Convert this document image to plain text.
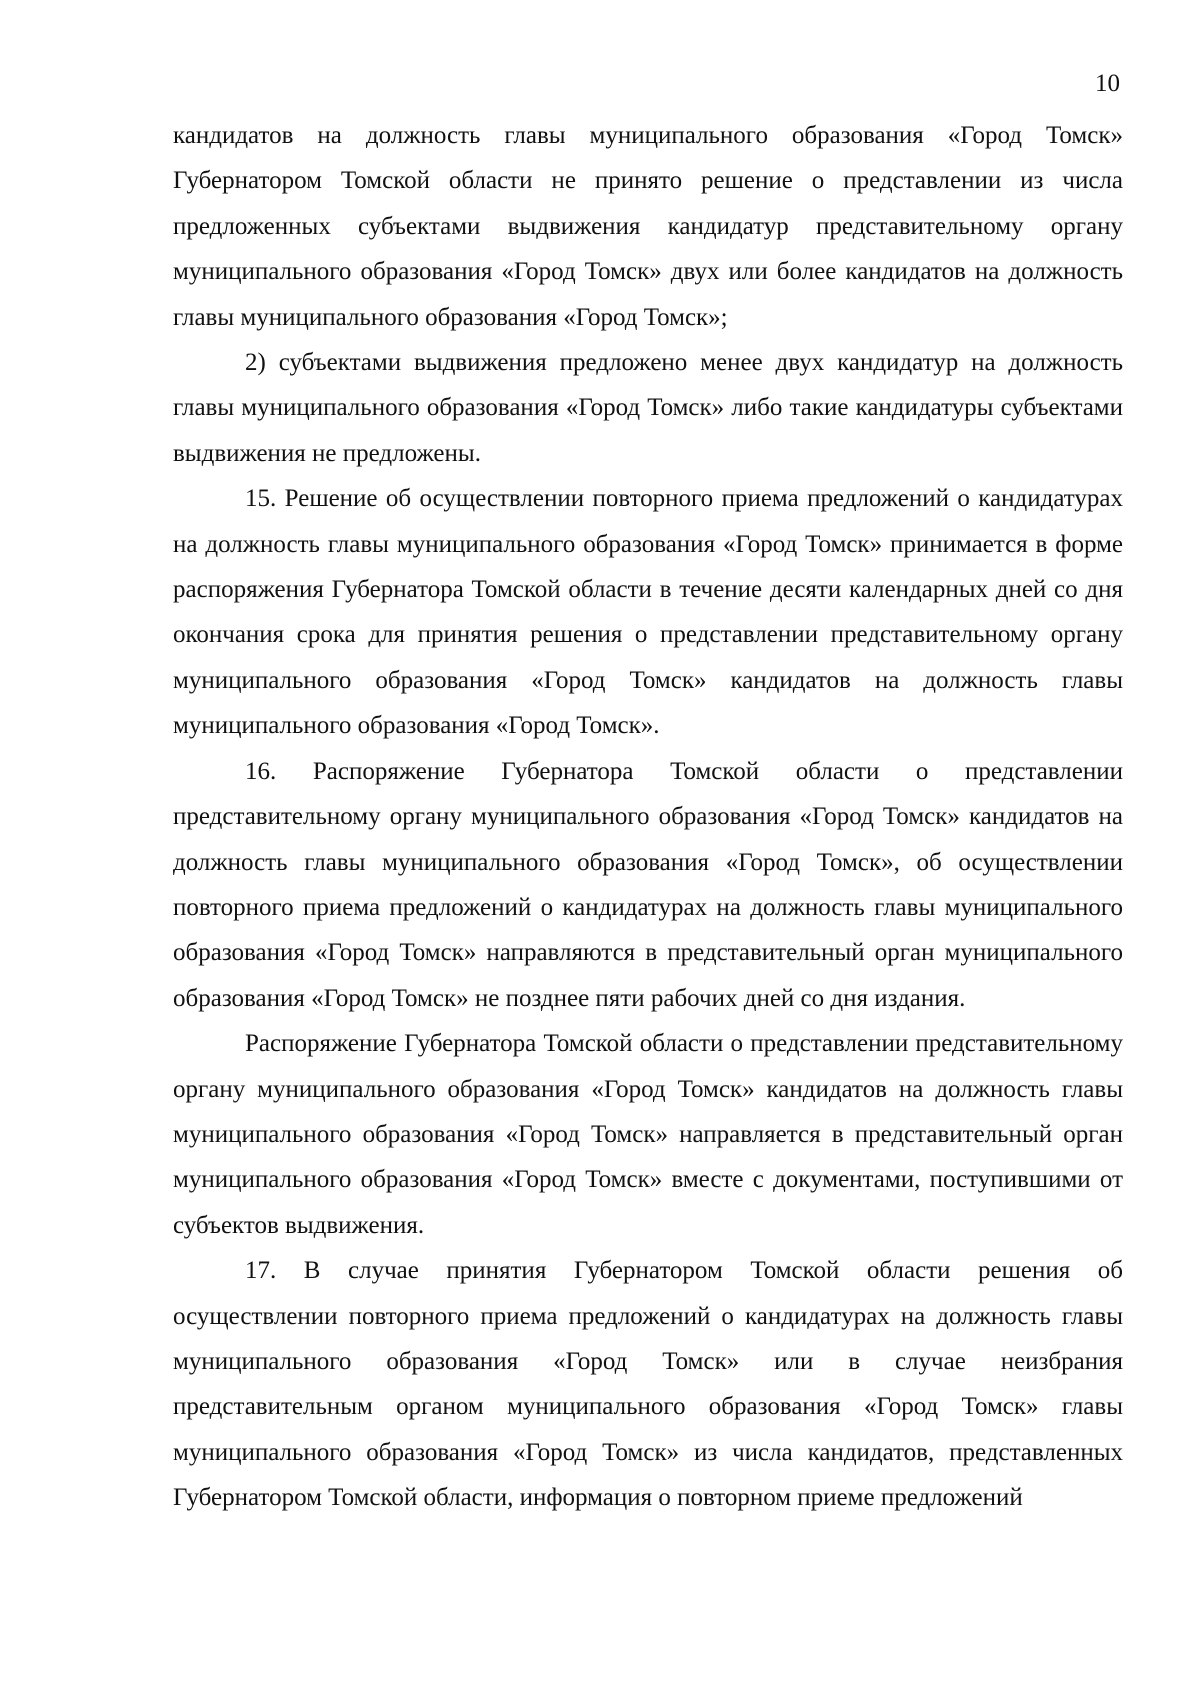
10

кандидатов на должность главы муниципального образования «Город Томск» Губернатором Томской области не принято решение о представлении из числа предложенных субъектами выдвижения кандидатур представительному органу муниципального образования «Город Томск» двух или более кандидатов на должность главы муниципального образования «Город Томск»;

2) субъектами выдвижения предложено менее двух кандидатур на должность главы муниципального образования «Город Томск» либо такие кандидатуры субъектами выдвижения не предложены.

15. Решение об осуществлении повторного приема предложений о кандидатурах на должность главы муниципального образования «Город Томск» принимается в форме распоряжения Губернатора Томской области в течение десяти календарных дней со дня окончания срока для принятия решения о представлении представительному органу муниципального образования «Город Томск» кандидатов на должность главы муниципального образования «Город Томск».

16. Распоряжение Губернатора Томской области о представлении представительному органу муниципального образования «Город Томск» кандидатов на должность главы муниципального образования «Город Томск», об осуществлении повторного приема предложений о кандидатурах на должность главы муниципального образования «Город Томск» направляются в представительный орган муниципального образования «Город Томск» не позднее пяти рабочих дней со дня издания.

Распоряжение Губернатора Томской области о представлении представительному органу муниципального образования «Город Томск» кандидатов на должность главы муниципального образования «Город Томск» направляется в представительный орган муниципального образования «Город Томск» вместе с документами, поступившими от субъектов выдвижения.

17. В случае принятия Губернатором Томской области решения об осуществлении повторного приема предложений о кандидатурах на должность главы муниципального образования «Город Томск» или в случае неизбрания представительным органом муниципального образования «Город Томск» главы муниципального образования «Город Томск» из числа кандидатов, представленных Губернатором Томской области, информация о повторном приеме предложений
